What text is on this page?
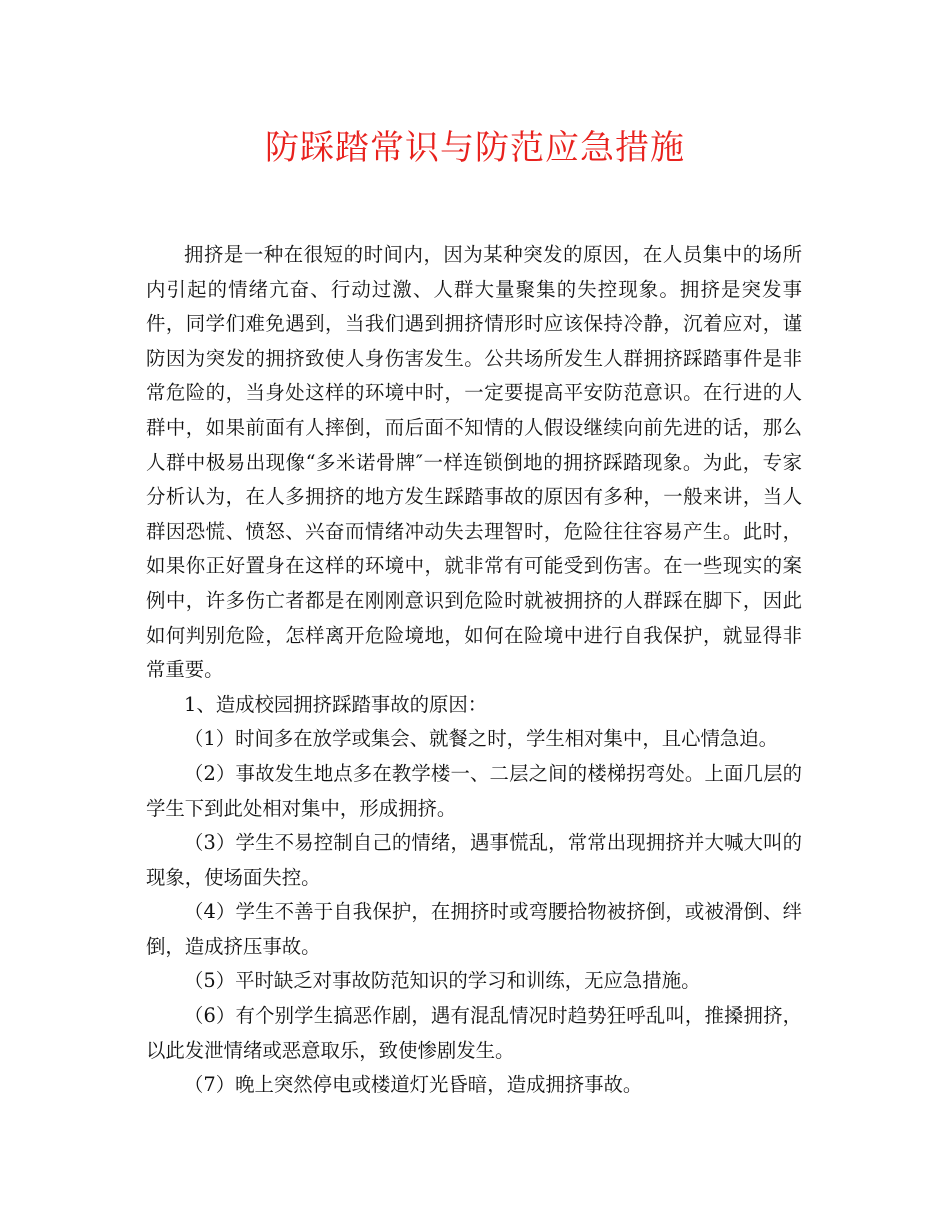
防踩踏常识与防范应急措施

拥挤是一种在很短的时间内，因为某种突发的原因，在人员集中的场所内引起的情绪亢奋、行动过激、人群大量聚集的失控现象。拥挤是突发事件，同学们难免遇到，当我们遇到拥挤情形时应该保持冷静，沉着应对，谨防因为突发的拥挤致使人身伤害发生。公共场所发生人群拥挤踩踏事件是非常危险的，当身处这样的环境中时，一定要提高平安防范意识。在行进的人群中，如果前面有人摔倒，而后面不知情的人假设继续向前先进的话，那么人群中极易出现像“多米诺骨牌″一样连锁倒地的拥挤踩踏现象。为此，专家分析认为，在人多拥挤的地方发生踩踏事故的原因有多种，一般来讲，当人群因恐慌、愤怒、兴奋而情绪冲动失去理智时，危险往往容易产生。此时，如果你正好置身在这样的环境中，就非常有可能受到伤害。在一些现实的案例中，许多伤亡者都是在刚刚意识到危险时就被拥挤的人群踩在脚下，因此如何判别危险，怎样离开危险境地，如何在险境中进行自我保护，就显得非常重要。

1、造成校园拥挤踩踏事故的原因：

（1）时间多在放学或集会、就餐之时，学生相对集中，且心情急迫。

（2）事故发生地点多在教学楼一、二层之间的楼梯拐弯处。上面几层的学生下到此处相对集中，形成拥挤。

（3）学生不易控制自己的情绪，遇事慌乱，常常出现拥挤并大喊大叫的现象，使场面失控。

（4）学生不善于自我保护，在拥挤时或弯腰拾物被挤倒，或被滑倒、绊倒，造成挤压事故。

（5）平时缺乏对事故防范知识的学习和训练，无应急措施。

（6）有个别学生搞恶作剧，遇有混乱情况时趋势狂呼乱叫，推搡拥挤，以此发泄情绪或恶意取乐，致使惨剧发生。

（7）晚上突然停电或楼道灯光昏暗，造成拥挤事故。
